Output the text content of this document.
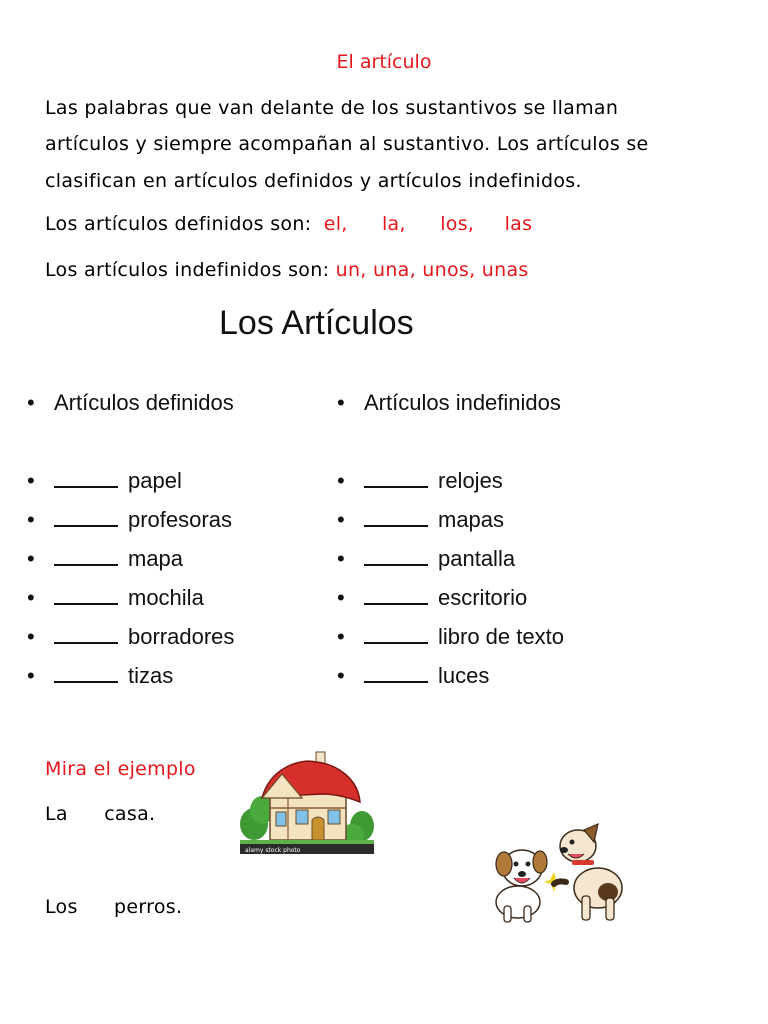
El artículo
Las palabras que van delante de los sustantivos se llaman
artículos y siempre acompañan al sustantivo. Los artículos se
clasifican en artículos definidos y artículos indefinidos.
Los artículos definidos son: el, la, los, las
Los artículos indefinidos son: un, una, unos, unas
Los Artículos
• Artículos definidos	• Artículos indefinidos
•	papel
•	profesoras
•	mapa
•	mochila
•	borradores
•	tizas
•	relojes
•	mapas
•	pantalla
•	escritorio
•	libro de texto
•	luces
Mira el ejemplo
La casa.
Los perros.
alamy stock photo
